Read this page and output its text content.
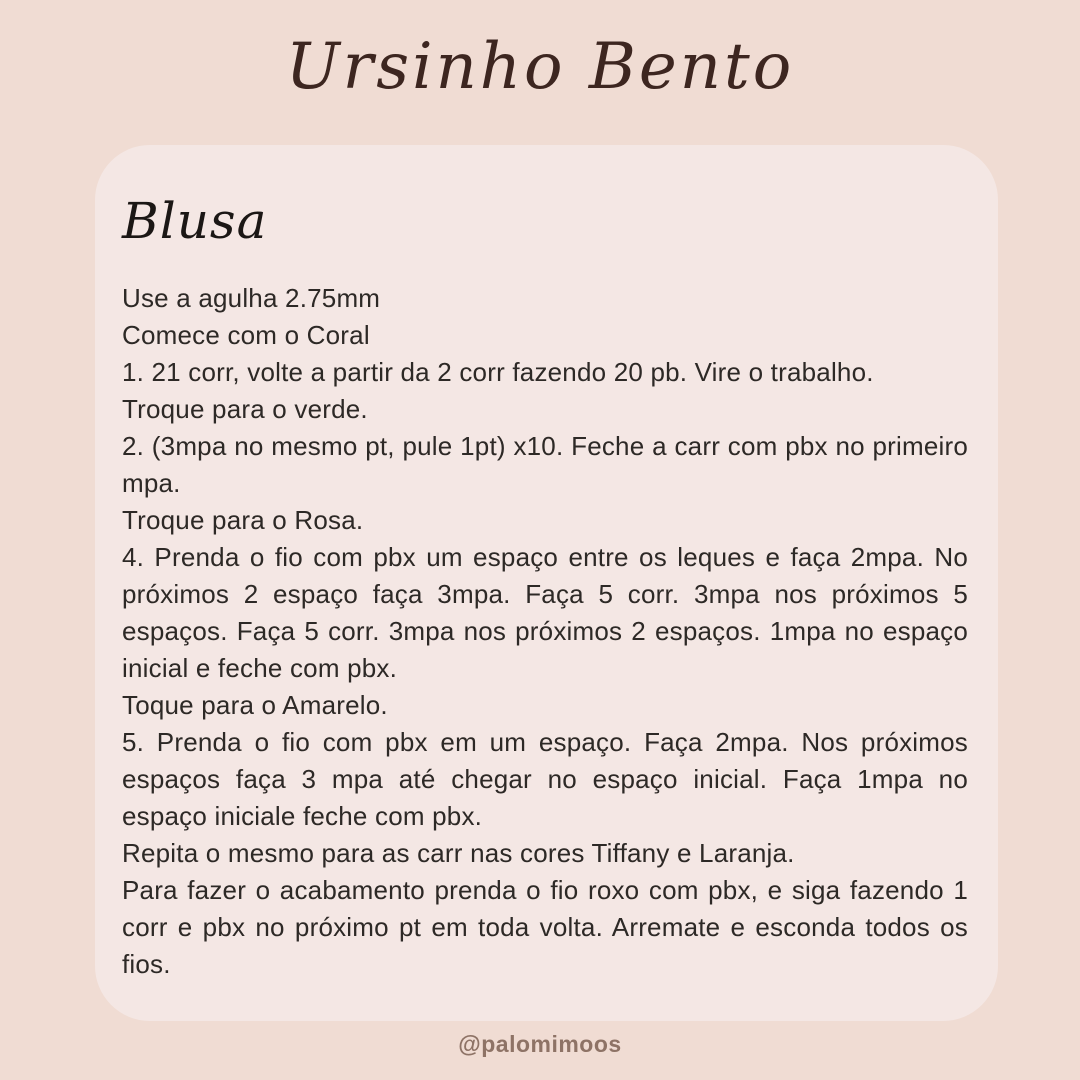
Ursinho Bento
Blusa

Use a agulha 2.75mm

Comece com o Coral

1. 21 corr, volte a partir da 2 corr fazendo 20 pb. Vire o trabalho.

Troque para o verde.

2. (3mpa no mesmo pt, pule 1pt) x10. Feche a carr com pbx no primeiro mpa.

Troque para o Rosa.

4. Prenda o fio com pbx um espaço entre os leques e faça 2mpa. No próximos 2 espaço faça 3mpa. Faça 5 corr. 3mpa nos próximos 5 espaços. Faça 5 corr. 3mpa nos próximos 2 espaços. 1mpa no espaço inicial e feche com pbx.

Toque para o Amarelo.

5. Prenda o fio com pbx em um espaço. Faça 2mpa. Nos próximos espaços faça 3 mpa até chegar no espaço inicial. Faça 1mpa no espaço iniciale feche com pbx.

Repita o mesmo para as carr nas cores Tiffany e Laranja.

Para fazer o acabamento prenda o fio roxo com pbx, e siga fazendo 1 corr e pbx no próximo pt em toda volta. Arremate e esconda todos os fios.

@palomimoos
